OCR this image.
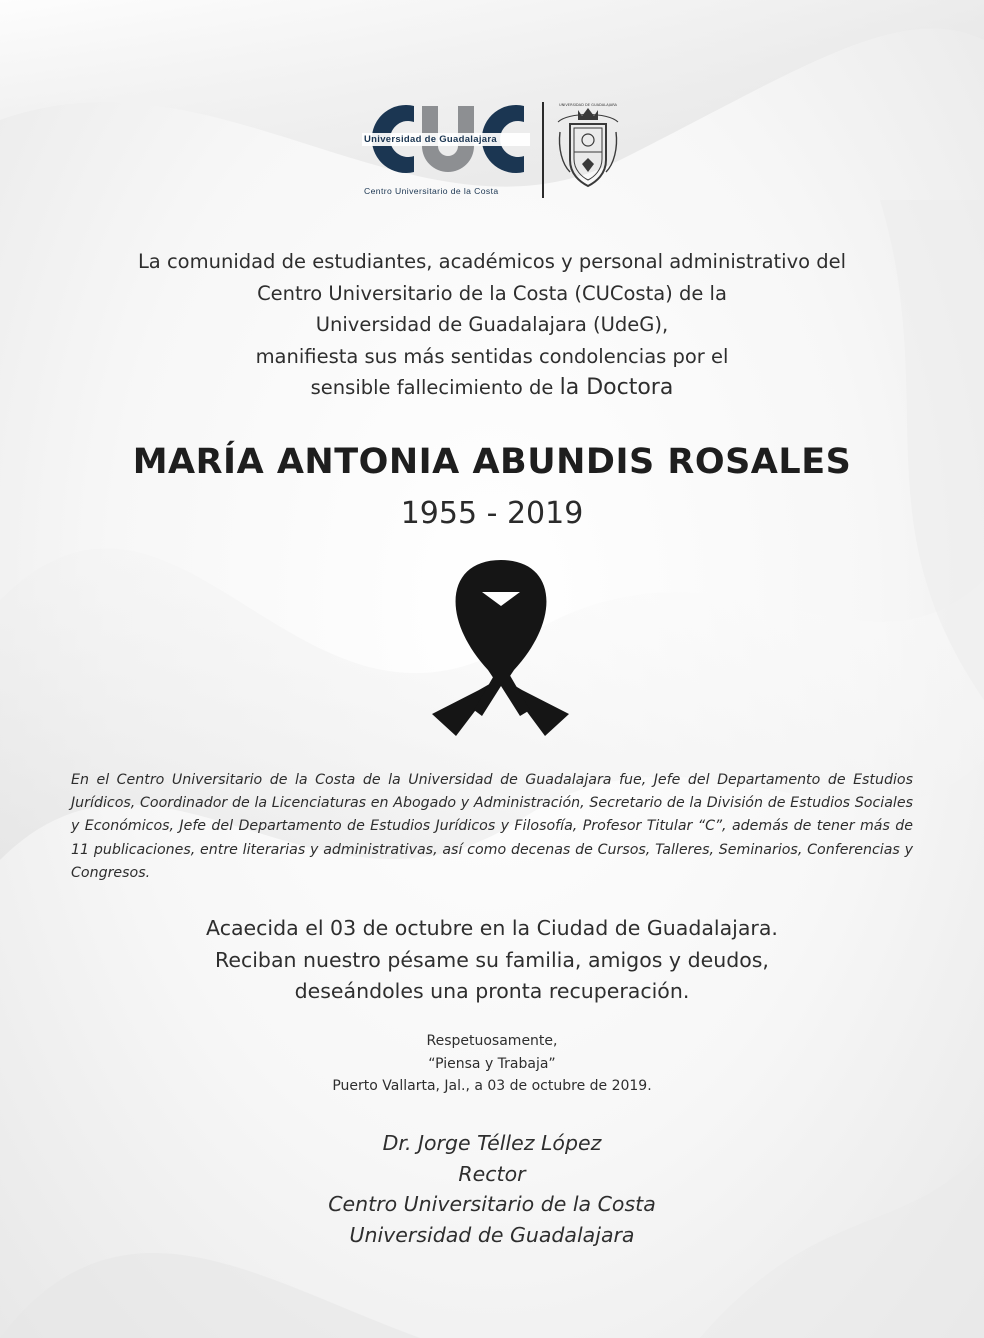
Universidad de Guadalajara
Centro Universitario de la Costa
UNIVERSIDAD DE GUADALAJARA

La comunidad de estudiantes, académicos y personal administrativo del

Centro Universitario de la Costa (CUCosta) de la

Universidad de Guadalajara (UdeG),

manifiesta sus más sentidas condolencias por el

sensible fallecimiento de la Doctora

MARÍA ANTONIA ABUNDIS ROSALES
1955 - 2019
En el Centro Universitario de la Costa de la Universidad de Guadalajara fue, Jefe del Departamento de Estudios Jurídicos, Coordinador de la Licenciaturas en Abogado y Administración, Secretario de la División de Estudios Sociales y Económicos, Jefe del Departamento de Estudios Jurídicos y Filosofía, Profesor Titular “C”, además de tener más de 11 publicaciones, entre literarias y administrativas, así como decenas de Cursos, Talleres, Seminarios, Conferencias y Congresos.

Acaecida el 03 de octubre en la Ciudad de Guadalajara.

Reciban nuestro pésame su familia, amigos y deudos,

deseándoles una pronta recuperación.

Respetuosamente,

“Piensa y Trabaja”

Puerto Vallarta, Jal., a 03 de octubre de 2019.

Dr. Jorge Téllez López

Rector

Centro Universitario de la Costa

Universidad de Guadalajara
